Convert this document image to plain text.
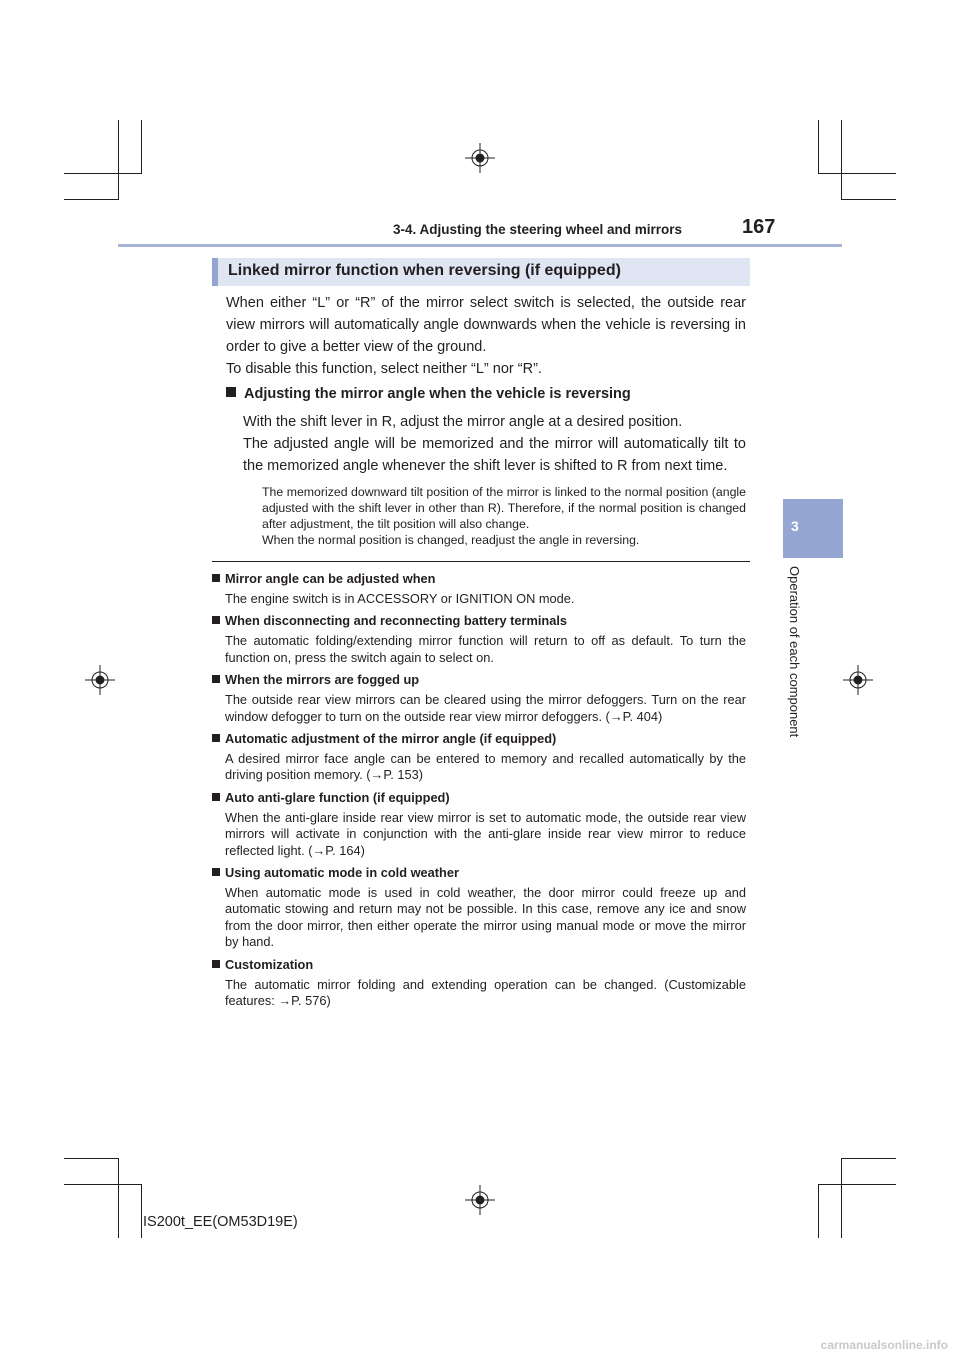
3-4. Adjusting the steering wheel and mirrors	167
3
Operation of each component
Linked mirror function when reversing (if equipped)
When either “L” or “R” of the mirror select switch is selected, the outside rear view mirrors will automatically angle downwards when the vehicle is reversing in order to give a better view of the ground.
To disable this function, select neither “L” nor “R”.
Adjusting the mirror angle when the vehicle is reversing
With the shift lever in R, adjust the mirror angle at a desired position.
The adjusted angle will be memorized and the mirror will automatically tilt to the memorized angle whenever the shift lever is shifted to R from next time.
The memorized downward tilt position of the mirror is linked to the normal position (angle adjusted with the shift lever in other than R). Therefore, if the normal position is changed after adjustment, the tilt position will also change.
When the normal position is changed, readjust the angle in reversing.
Mirror angle can be adjusted when
The engine switch is in ACCESSORY or IGNITION ON mode.
When disconnecting and reconnecting battery terminals
The automatic folding/extending mirror function will return to off as default. To turn the function on, press the switch again to select on.
When the mirrors are fogged up
The outside rear view mirrors can be cleared using the mirror defoggers. Turn on the rear window defogger to turn on the outside rear view mirror defoggers. (→P. 404)
Automatic adjustment of the mirror angle (if equipped)
A desired mirror face angle can be entered to memory and recalled automatically by the driving position memory. (→P. 153)
Auto anti-glare function (if equipped)
When the anti-glare inside rear view mirror is set to automatic mode, the outside rear view mirrors will activate in conjunction with the anti-glare inside rear view mirror to reduce reflected light. (→P. 164)
Using automatic mode in cold weather
When automatic mode is used in cold weather, the door mirror could freeze up and automatic stowing and return may not be possible. In this case, remove any ice and snow from the door mirror, then either operate the mirror using manual mode or move the mirror by hand.
Customization
The automatic mirror folding and extending operation can be changed. (Customizable features: →P. 576)
IS200t_EE(OM53D19E)
carmanualsonline.info
